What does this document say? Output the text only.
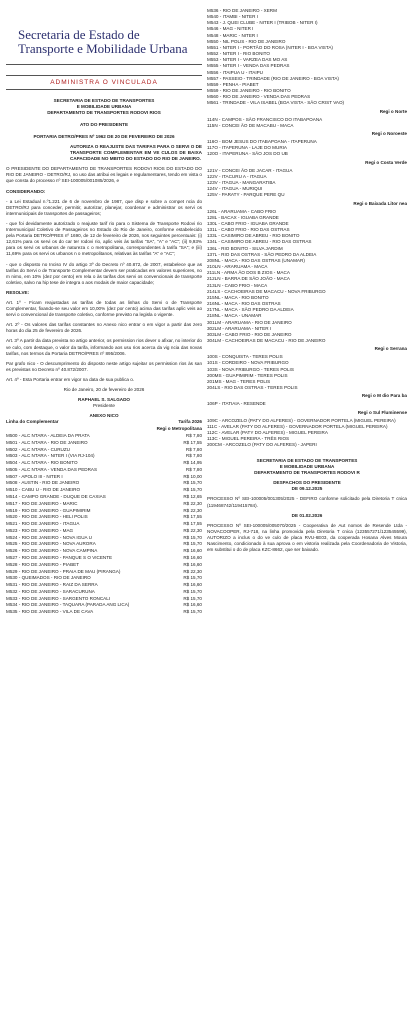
Secretaria de Estado de
Transporte e Mobilidade Urbana
ADMINISTRA O VINCULADA
SECRETARIA DE ESTADO DE TRANSPORTES
E MOBILIDADE URBANA
DEPARTAMENTO DE TRANSPORTES RODOVI RIOS
ATO DO PRESIDENTE
PORTARIA DETRO/PRES Nº 1962 DE 20 DE FEVEREIRO DE 2026
AUTORIZA O REAJUSTE DAS TARIFAS PARA O SERVI O DE TRANSPORTE COMPLEMENTAR EM VE CULOS DE BAIXA CAPACIDADE NO MBITO DO ESTADO DO RIO DE JANEIRO.
O PRESIDENTE DO DEPARTAMENTO DE TRANSPORTES RODOVI RIOS DO ESTADO DO RIO DE JANEIRO - DETRO/RJ, no uso das atribui es legais e regulamentares, tendo em vista o que consta do processo nº SEI-100005/001085/2026, e
CONSIDERANDO:
- a Lei Estadual n.º1.221 de 6 de novembro de 1987, que disp e sobre a compet ncia do DETRO/RJ para conceder, permitir, autorizar, planejar, coordenar e administrar os servi os intermunicipais de transportes de passageiros;
- que foi devidamente autorizado o reajuste tarif rio para o Sistema de Transporte Rodovi rio Intermunicipal Coletivo de Passageiros no Estado do Rio de Janeiro, conforme estabelecido pela Portaria DETRO/PRES nº 1690, de 12 de fevereiro de 2026, nos seguintes percentuais: (i) 12,61% para os servi os do car ter rodovi rio, aplic veis às tarifas "SA", "A" e "AC"; (ii) 9,93% para os servi os urbanos de natureza c o metropolitana, correspondentes à tarifa "SA"; e (iii) 11,69% para os servi os urbanos n o metropolitanos, relativas às tarifas "A" e "AC";
- que o disposto no Inciso IV do artigo 3º do Decreto nº 40.872, de 2007, estabelece que as tarifas do Servi o de Transporte Complementar devem ser praticadas em valores superiores, no m nimo, em 10% (dez por cento) em rela o às tarifas dos servi os convencionais de transporte coletivo, salvo na hip tese de integra o aos modais de maior capacidade;
RESOLVE:
Art. 1º - Ficam reajustadas as tarifas de todas as linhas do Servi o de Transporte Complementar, fixando-se seu valor em 10,00% (dez por cento) acima das tarifas aplic veis ao servi o convencional de transporte coletivo, conforme previsto na legisla o vigente.
Art. 2º - Os valores das tarifas constantes no Anexo nico entrar o em vigor a partir das zero horas do dia 25 de fevereiro de 2026.
Art. 3º A partir da data prevista no artigo anterior, os permission rios dever o afixar, no interior do ve culo, com destaque, o valor da tarifa, informando aos usu rios acerca da vig ncia das novas tarifas, nos termos da Portaria DETRO/PRES nº 895/2006.
Par grafo nico - O descumprimento do disposto neste artigo sujeitar os permission rios às san es previstas no Decreto nº 40.872/2007.
Art. 4º - Esta Portaria entrar em vigor na data de sua publica o.
Rio de Janeiro, 20 de fevereiro de 2026
RAPHAEL S. SALGADO
Presidente
ANEXO NICO
Linha do Complementar	Tarifa 2026
Regi o Metropolitana	
M500 - ALC NTARA - ALDEIA DA PRATA	R$ 7,80
M501 - ALC NTARA - RIO DE JANEIRO	R$ 17,55
M502 - ALC NTARA - CURUZU	R$ 7,80
M503 - ALC NTARA - NITER I (VIA RJ-104)	R$ 7,80
M504 - ALC NTARA - RIO BONITO	R$ 14,95
M505 - ALC NTARA - VENDA DAS PEDRAS	R$ 7,80
M507 - APOLO III - NITER I	R$ 10,00
M508 - AUSTIN - RIO DE JANEIRO	R$ 15,70
M510 - CABU U - RIO DE JANEIRO	R$ 15,70
M514 - CAMPO GRANDE - DUQUE DE CAXIAS	R$ 12,65
M517 - RIO DE JANEIRO - MARIC	R$ 22,30
M519 - RIO DE JANEIRO - GUAPIMIRIM	R$ 22,30
M520 - RIO DE JANEIRO - HELI POLIS	R$ 17,55
M521 - RIO DE JANEIRO - ITAGUA	R$ 17,55
M523 - RIO DE JANEIRO - MAG	R$ 22,30
M524 - RIO DE JANEIRO - NOVA IGUA U	R$ 15,70
M525 - RIO DE JANEIRO - NOVA AURORA	R$ 15,70
M526 - RIO DE JANEIRO - NOVA CAMPINA	R$ 16,60
M527 - RIO DE JANEIRO - PANQUE S O VICENTE	R$ 16,60
M528 - RIO DE JANEIRO - PIABET	R$ 16,60
M529 - RIO DE JANEIRO - PRAIA DE MAU (PIRANGA)	R$ 22,30
M530 - QUEIMADOS - RIO DE JANEIRO	R$ 15,70
M531 - RIO DE JANEIRO - RAIZ DA SERRA	R$ 16,60
M532 - RIO DE JANEIRO - SARACURUNA	R$ 15,70
M533 - RIO DE JANEIRO - SARGENTO RONCALI	R$ 15,70
M534 - RIO DE JANEIRO - TAQUARA (PARADA ANG LICA)	R$ 16,60
M535 - RIO DE JANEIRO - VILA DE CAVA	R$ 15,70
M536 - RIO DE JANEIRO - XERM
M540 - ITAMBI - NITER I
M543 - J. QUEI CLUBE - NITER I (TRIBOB - NITER I)
M546 - MAG - NITER I
M548 - MARIC - NITER I
M550 - NIL POLIS - RIO DE JANEIRO
M551 - NITER I - PORTÃO DO ROSA (NITER I - BOA VISTA)
M552 - NITER I - RIO BONITO
M553 - NITER I - VARZEA DAS MO AS
M555 - NITER I - VENDA DAS PEDRAS
M556 - ITAIPUA U - ITAIPU
M557 - PASSEIO - TRINDADE (RIO DE JANEIRO - BOA VISTA)
M559 - PENHA - PIABET
M559 - RIO DE JANEIRO - RIO BONITO
M560 - RIO DE JANEIRO - VENDA DAS PEDRAS
M561 - TRINDADE - VILA ISABEL (BOA VISTA - SÃO CRIST VAO)
Regi o Norte
114N - CAMPOS - SÃO FRANCISCO DO ITABAPOANA
115N - CONCEI ÃO DE MACABU - MACA
Regi o Noroeste
116O - BOM JESUS DO ITABAPOANA - ITAPERUNA
117O - ITAPERUNA - LAJE DO MURIA
120O - ITAPERUNA - SÃO JOS DO UB
Regi o Costa Verde
121V - CONCEI ÃO DE JACAR - ITAGUA
122V - ITACURU A - ITAGUA
123V - ITAGUA - MANGARATIBA
124V - ITAGUA - MURIQUI
125V - PARATY - PARQUE PERE QU
Regi o Baixada Litor nea
126L - ARARUAMA - CABO FRIO
128L - BACAX - IGUABA GRANDE
130L - CABO FRIO - IGUABA GRANDE
131L - CABO FRIO - RIO DAS OSTRAS
133L - CASIMIRO DE ABREU - RIO BONITO
134L - CASIMIRO DE ABREU - RIO DAS OSTRAS
136L - RIO BONITO - SILVA JARDIM
137L - RIO DAS OSTRAS - SÃO PEDRO DA ALDEIA
208NL - MACA - RIO DAS OSTRAS (UNAMAR)
210LN - ARARUAMA - MACA
211LN - ARMA ÃO DOS B ZIOS - MACA
212LN - BARRA DE SÃO JOÃO - MACA
213LN - CABO FRIO - MACA
214LS - CACHOEIRAS DE MACACU - NOVA FRIBURGO
215NL - MACA - RIO BONITO
216NL - MACA - RIO DAS OSTRAS
217NL - MACA - SÃO PEDRO DA ALDEIA
218NL - MACA - UNAMAR
301LM - ARARUAMA - RIO DE JANEIRO
302LM - ARARUAMA - NITER I
303LM - CABO FRIO - RIO DE JANEIRO
304LM - CACHOEIRAS DE MACACU - RIO DE JANEIRO
Regi o Serrana
100S - CONQUISTA - TERES POLIS
101S - CORDEIRO - NOVA FRIBURGO
103S - NOVA FRIBURGO - TERES POLIS
200MS - GUAPIMIRIM - TERES POLIS
201MS - MAG - TERES POLIS
204LS - RIO DAS OSTRAS - TERES POLIS
Regi o M dio Para ba
106P - ITATIAIA - RESENDE
Regi o Sul Fluminense
109C - ARCOZELO (PATY DO ALFERES) - GOVERNADOR PORTELA (MIGUEL PEREIRA)
111C - AVELAR (PATY DO ALFERES) - GOVERNADOR PORTELA (MIGUEL PEREIRA)
112C - AVELAR (PATY DO ALFERES) - MIGUEL PEREIRA
113C - MIGUEL PEREIRA - TRÊS RIOS
200CM - ARCOZELO (PATY DO ALFERES) - JAPERI
SECRETARIA DE ESTADO DE TRANSPORTES
E MOBILIDADE URBANA
DEPARTAMENTO DE TRANSPORTES RODOVI R
DESPACHOS DO PRESIDENTE
DE 09.12.2025
PROCESSO Nº SEI-100005/001305/2025 - DEFIRO conforme solicitado pela Diretoria T cnica (119468742/119415784).
DE 01.02.2026
PROCESSO Nº SEI-100005/005070/2025 - Cooperativa de Aut nomos de Resende Ltda - NOVACOOPER, RJ-718, na linha promovida pela Diretoria T cnica (123557271/123545599), AUTORIZO a inclus o do ve culo de placa RVU-6E03, da cooperada Hosana Alves Moura Nascimento, condicionado à sua aprova o em vistoria realizada pela Coordenadoria de Vistoria, em substitui o do de placa KZC-8662, que ser baixado.
